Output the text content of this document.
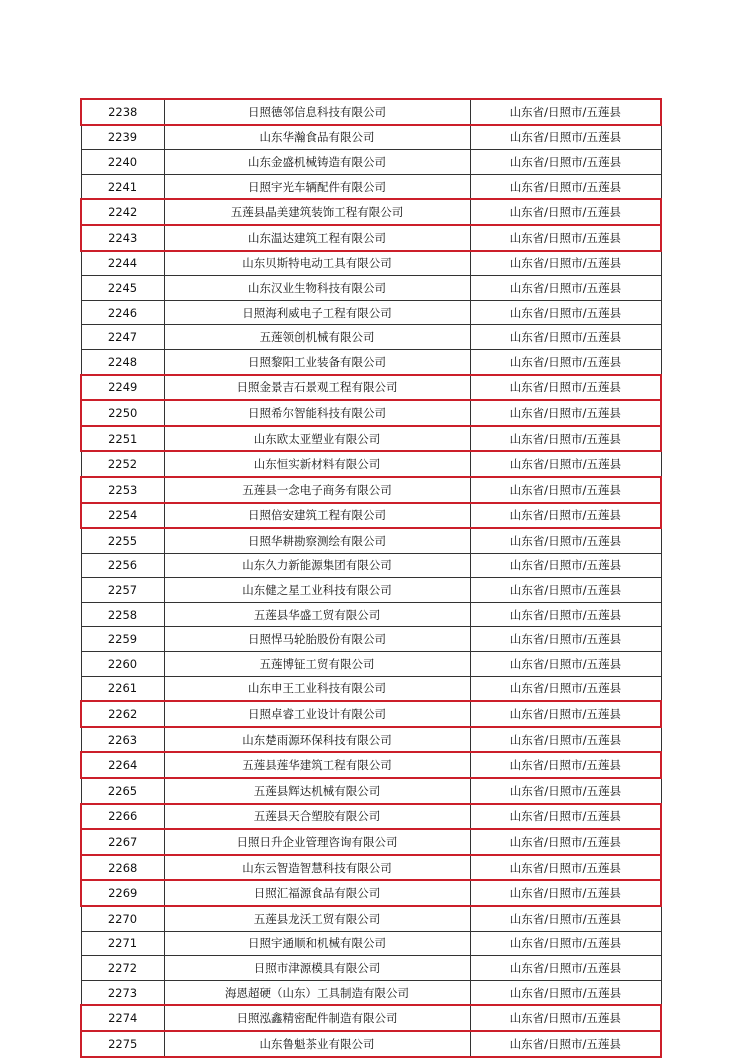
2238	日照德邻信息科技有限公司	山东省/日照市/五莲县
2239	山东华瀚食品有限公司	山东省/日照市/五莲县
2240	山东金盛机械铸造有限公司	山东省/日照市/五莲县
2241	日照宇光车辆配件有限公司	山东省/日照市/五莲县
2242	五莲县晶美建筑装饰工程有限公司	山东省/日照市/五莲县
2243	山东温达建筑工程有限公司	山东省/日照市/五莲县
2244	山东贝斯特电动工具有限公司	山东省/日照市/五莲县
2245	山东汉业生物科技有限公司	山东省/日照市/五莲县
2246	日照海利威电子工程有限公司	山东省/日照市/五莲县
2247	五莲领创机械有限公司	山东省/日照市/五莲县
2248	日照黎阳工业装备有限公司	山东省/日照市/五莲县
2249	日照金景吉石景观工程有限公司	山东省/日照市/五莲县
2250	日照希尔智能科技有限公司	山东省/日照市/五莲县
2251	山东欧太亚塑业有限公司	山东省/日照市/五莲县
2252	山东恒实新材料有限公司	山东省/日照市/五莲县
2253	五莲县一念电子商务有限公司	山东省/日照市/五莲县
2254	日照倍安建筑工程有限公司	山东省/日照市/五莲县
2255	日照华耕勘察测绘有限公司	山东省/日照市/五莲县
2256	山东久力新能源集团有限公司	山东省/日照市/五莲县
2257	山东健之星工业科技有限公司	山东省/日照市/五莲县
2258	五莲县华盛工贸有限公司	山东省/日照市/五莲县
2259	日照悍马轮胎股份有限公司	山东省/日照市/五莲县
2260	五莲博钲工贸有限公司	山东省/日照市/五莲县
2261	山东申王工业科技有限公司	山东省/日照市/五莲县
2262	日照卓睿工业设计有限公司	山东省/日照市/五莲县
2263	山东楚雨源环保科技有限公司	山东省/日照市/五莲县
2264	五莲县莲华建筑工程有限公司	山东省/日照市/五莲县
2265	五莲县辉达机械有限公司	山东省/日照市/五莲县
2266	五莲县天合塑胶有限公司	山东省/日照市/五莲县
2267	日照日升企业管理咨询有限公司	山东省/日照市/五莲县
2268	山东云智造智慧科技有限公司	山东省/日照市/五莲县
2269	日照汇福源食品有限公司	山东省/日照市/五莲县
2270	五莲县龙沃工贸有限公司	山东省/日照市/五莲县
2271	日照宇通顺和机械有限公司	山东省/日照市/五莲县
2272	日照市津源模具有限公司	山东省/日照市/五莲县
2273	海恩超硬（山东）工具制造有限公司	山东省/日照市/五莲县
2274	日照泓鑫精密配件制造有限公司	山东省/日照市/五莲县
2275	山东鲁魁茶业有限公司	山东省/日照市/五莲县
